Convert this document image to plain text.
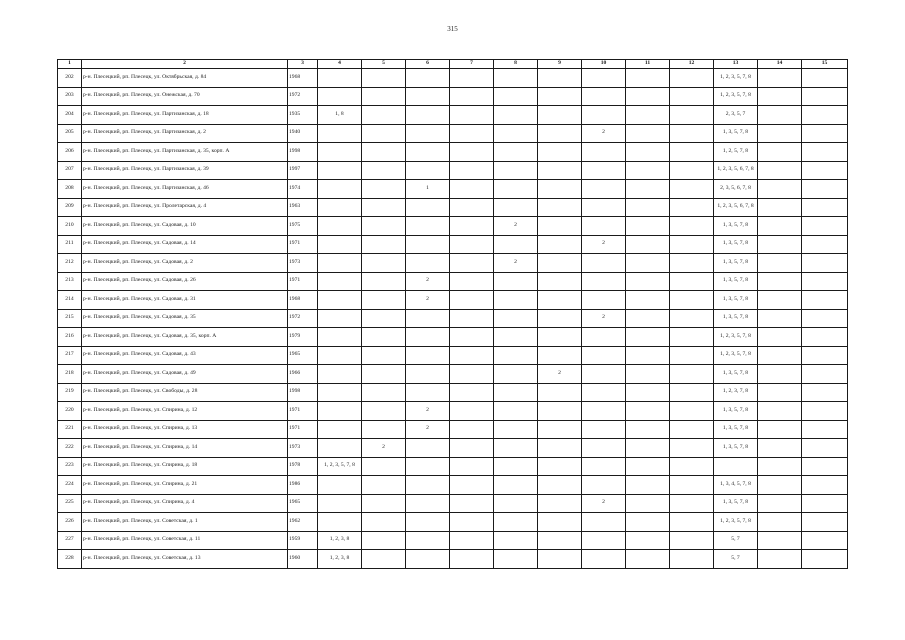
315
1	2	3	4	5	6	7	8	9	10	11	12	13	14	15
202	р-н. Плесецкий, рп. Плесецк, ул. Октябрьская, д. 84	1968										1, 2, 3, 5, 7, 8		
203	р-н. Плесецкий, рп. Плесецк, ул. Онежская, д. 70	1972										1, 2, 3, 5, 7, 8		
204	р-н. Плесецкий, рп. Плесецк, ул. Партизанская, д. 18	1935	1, 8									2, 3, 5, 7		
205	р-н. Плесецкий, рп. Плесецк, ул. Партизанская, д. 2	1940							2			1, 3, 5, 7, 8		
206	р-н. Плесецкий, рп. Плесецк, ул. Партизанская, д. 35, корп. А	1998										1, 2, 5, 7, 8		
207	р-н. Плесецкий, рп. Плесецк, ул. Партизанская, д. 39	1997										1, 2, 3, 5, 6, 7, 8		
208	р-н. Плесецкий, рп. Плесецк, ул. Партизанская, д. 46	1974			1							2, 3, 5, 6, 7, 8		
209	р-н. Плесецкий, рп. Плесецк, ул. Пролетарская, д. 4	1963										1, 2, 3, 5, 6, 7, 8		
210	р-н. Плесецкий, рп. Плесецк, ул. Садовая, д. 10	1975					2					1, 3, 5, 7, 8		
211	р-н. Плесецкий, рп. Плесецк, ул. Садовая, д. 14	1971							2			1, 3, 5, 7, 8		
212	р-н. Плесецкий, рп. Плесецк, ул. Садовая, д. 2	1973					2					1, 3, 5, 7, 8		
213	р-н. Плесецкий, рп. Плесецк, ул. Садовая, д. 26	1971			2							1, 3, 5, 7, 8		
214	р-н. Плесецкий, рп. Плесецк, ул. Садовая, д. 31	1968			2							1, 3, 5, 7, 8		
215	р-н. Плесецкий, рп. Плесецк, ул. Садовая, д. 35	1972							2			1, 3, 5, 7, 8		
216	р-н. Плесецкий, рп. Плесецк, ул. Садовая, д. 35, корп. А	1979										1, 2, 3, 5, 7, 8		
217	р-н. Плесецкий, рп. Плесецк, ул. Садовая, д. 43	1965										1, 2, 3, 5, 7, 8		
218	р-н. Плесецкий, рп. Плесецк, ул. Садовая, д. 49	1966						2				1, 3, 5, 7, 8		
219	р-н. Плесецкий, рп. Плесецк, ул. Свободы, д. 28	1998										1, 2, 3, 7, 8		
220	р-н. Плесецкий, рп. Плесецк, ул. Спирина, д. 12	1971			2							1, 3, 5, 7, 8		
221	р-н. Плесецкий, рп. Плесецк, ул. Спирина, д. 13	1971			2							1, 3, 5, 7, 8		
222	р-н. Плесецкий, рп. Плесецк, ул. Спирина, д. 14	1973		2								1, 3, 5, 7, 8		
223	р-н. Плесецкий, рп. Плесецк, ул. Спирина, д. 18	1978	1, 2, 3, 5, 7, 8											
224	р-н. Плесецкий, рп. Плесецк, ул. Спирина, д. 21	1986										1, 3, 4, 5, 7, 8		
225	р-н. Плесецкий, рп. Плесецк, ул. Спирина, д. 4	1965							2			1, 3, 5, 7, 8		
226	р-н. Плесецкий, рп. Плесецк, ул. Советская, д. 1	1962										1, 2, 3, 5, 7, 8		
227	р-н. Плесецкий, рп. Плесецк, ул. Советская, д. 11	1959	1, 2, 3, 8									5, 7		
228	р-н. Плесецкий, рп. Плесецк, ул. Советская, д. 13	1960	1, 2, 3, 8									5, 7		
